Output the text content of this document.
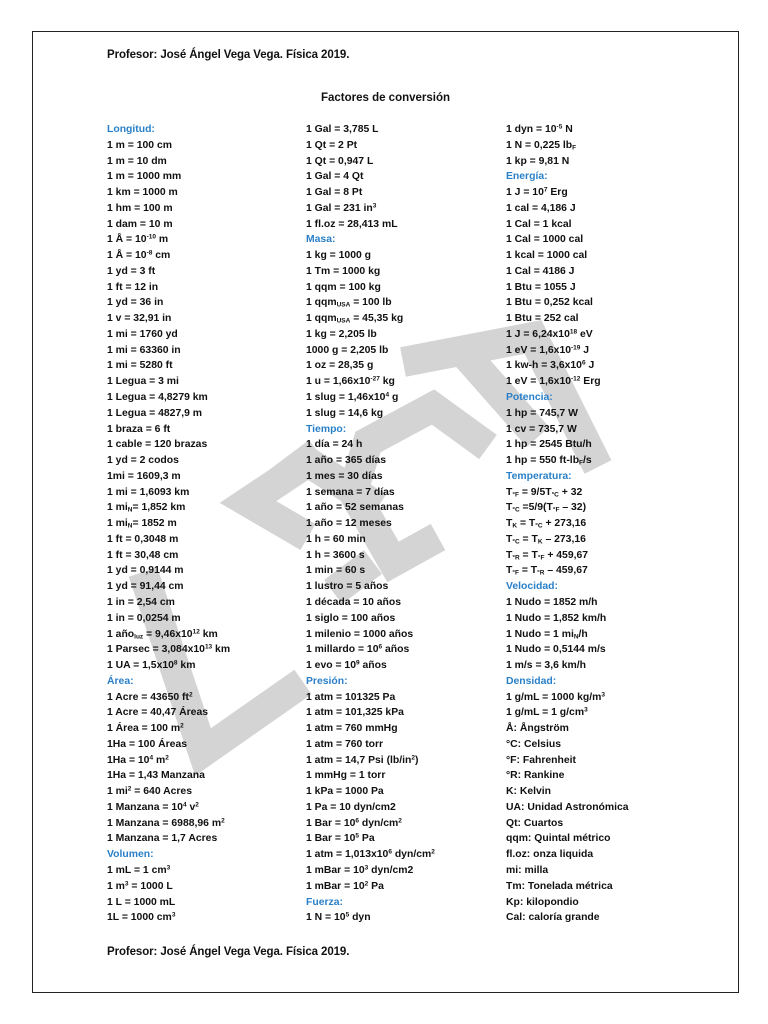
Profesor: José Ángel Vega Vega. Física 2019.
Factores de conversión
Longitud:
1 m = 100 cm
1 m = 10 dm
1 m = 1000 mm
1 km = 1000 m
1 hm = 100 m
1 dam = 10 m
1 Å = $10^{-10}$ m
1 Å = $10^{-8}$ cm
1 yd = 3 ft
1 ft = 12 in
1 yd = 36 in
1 v = 32,91 in
1 mi = 1760 yd
1 mi = 63360 in
1 mi = 5280 ft
1 Legua = 3 mi
1 Legua = 4,8279 km
1 Legua = 4827,9 m
1 braza = 6 ft
1 cable = 120 brazas
1 yd = 2 codos
1mi = 1609,3 m
1 mi = 1,6093 km
1 $mi_N= 1,852$ km
1 $mi_N= 1852$ m
1 ft = 0,3048 m
1 ft = 30,48 cm
1 yd = 0,9144 m
1 yd = 91,44 cm
1 in = 2,54 cm
1 in = 0,0254 m
1 año$_{luz}$ = $9,46x10^{12}$ km
1 $Parsec = 3,084x10^{13}$ km
1 UA = $1,5x10^8$ km
Área:
1 Acre = 43650 $ft^2$
1 Acre = 40,47 Áreas
1 Área = 100 $m^2$
1Ha = 100 Áreas
$1Ha = 10^4$ $m^2$
1Ha = 1,43 Manzana
1 $mi^2 = 640$ Acres
1 Manzana = $10^4$ $v^2$
1 Manzana = 6988,96 $m^2$
1 Manzana = 1,7 Acres
Volumen:
1 mL = 1 $cm^3$
1 $m^3 = 1000$ L
1 L = 1000 mL
1L = 1000 $cm^3$
1 Gal = 3,785 L
1 Qt = 2 Pt
1 Qt = 0,947 L
1 Gal = 4 Qt
1 Gal = 8 Pt
1 Gal = 231 $in^3$
1 fl.oz = 28,413 mL
Masa:
1 kg = 1000 g
1 Tm = 1000 kg
1 qqm = 100 kg
1 qqm$_{USA}$ = 100 lb
1 qqm$_{USA}$ = 45,35 kg
1 kg = 2,205 lb
1000 g = 2,205 lb
1 oz = 28,35 g
1 $u = 1,66x10^{-27}$ kg
1 slug = $1,46x10^4$ g
1 slug = 14,6 kg
Tiempo:
1 día = 24 h
1 año = 365 días
1 mes = 30 días
1 semana = 7 días
1 año = 52 semanas
1 año = 12 meses
1 h = 60 min
1 h = 3600 s
1 min = 60 s
1 lustro = 5 años
1 década = 10 años
1 siglo = 100 años
1 milenio = 1000 años
1 millardo = $10^6$ años
1 evo = $10^9$ años
Presión:
1 atm = 101325 Pa
1 atm = 101,325 kPa
1 atm = 760 mmHg
1 atm = 760 torr
1 atm = 14,7 Psi $(lb/in^2)$
1 mmHg = 1 torr
1 kPa = 1000 Pa
1 Pa = 10 dyn/cm2
1 Bar = $10^6$ dyn/$cm^2$
1 Bar = $10^5$ Pa
1 atm = $1,013x10^6$ dyn/$cm^2$
1 mBar = $10^3$ dyn/cm2
1 mBar = $10^2$ Pa
Fuerza:
1 $N = 10^5$ dyn
1 dyn = $10^{-5}$ N
1 N = 0,225 $lb_F$
1 kp = 9,81 N
Energía:
1 $J = 10^7$ Erg
1 cal = 4,186 J
1 Cal = 1 kcal
1 Cal = 1000 cal
1 kcal = 1000 cal
1 Cal = 4186 J
1 Btu = 1055 J
1 Btu = 0,252 kcal
1 Btu = 252 cal
1 $J = 6,24x10^{18}$ eV
1 eV = $1,6x10^{-19}$ J
1 $kw-h = 3,6x10^6$ J
1 eV = $1,6x10^{-12}$ Erg
Potencia:
1 hp = 745,7 W
1 cv = 735,7 W
1 hp = 2545 Btu/h
1 hp = 550 $ft-lb_F/s$
Temperatura:
$T_{^\circ F} = 9/5T_{^\circ C} + 32$
$T_{^\circ C} =5/9(T_{^\circ F} - 32)$
$T_K = T_{^\circ C} + 273,16$
$T_{^\circ C} = T_K - 273,16$
$T_{^\circ R} = T_{^\circ F} + 459,67$
$T_{^\circ F} = T_{^\circ R} - 459,67$
Velocidad:
1 Nudo = 1852 m/h
1 Nudo = 1,852 km/h
1 Nudo = 1 $mi_N/h$
1 Nudo = 0,5144 m/s
1 m/s = 3,6 km/h
Densidad:
1 g/mL = 1000 $kg/m^3$
1 g/mL = 1 $g/cm^3$
Å: Ångström
°C: Celsius
°F: Fahrenheit
°R: Rankine
K: Kelvin
UA: Unidad Astronómica
Qt: Cuartos
qqm: Quintal métrico
fl.oz: onza liquida
mi: milla
Tm: Tonelada métrica
Kp: kilopondio
Cal: caloría grande
Profesor: José Ángel Vega Vega. Física 2019.
